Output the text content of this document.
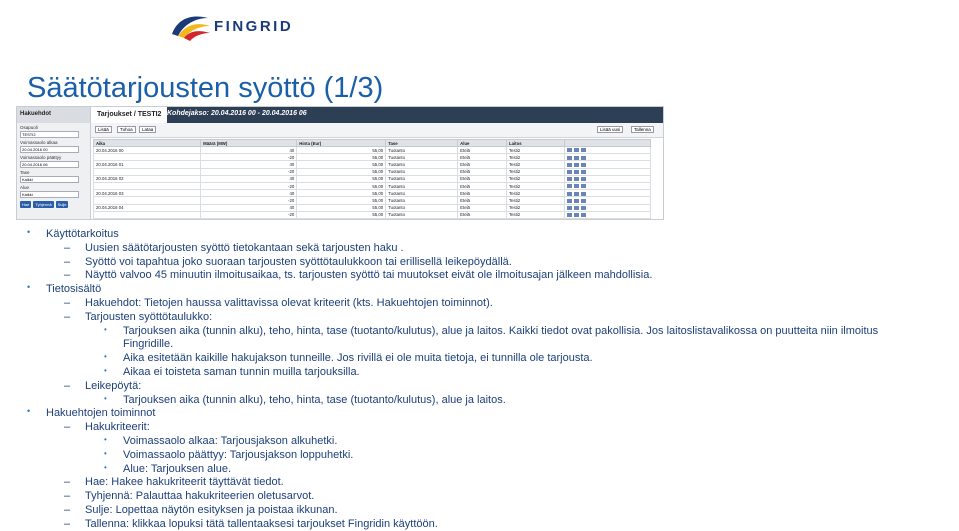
FINGRID
Säätötarjousten syöttö (1/3)
Hakuehdot
Osapuoli
TESTI2
Voimassaolo alkaa
20.04.2016 00
Voimassaolo päättyy
20.04.2016 06
Tase
Kaikki
Alue
Kaikki
Hae	Tyhjennä	Sulje
Tarjoukset / TESTI2 Kohdejakso: 20.04.2016 00 - 20.04.2016 06
Lisää	Tuhoa	Lataa	Lisää uusi	Tallenna
Aika	Määrä (MW)	Hinta (Eur)	Tase	Alue	Laitos	
20.04.2016 00	40	55,00	Tuotanto	Etelä	Testi2	
	-20	55,00	Tuotanto	Etelä	Testi2	
20.04.2016 01	40	55,00	Tuotanto	Etelä	Testi2	
	-20	55,00	Tuotanto	Etelä	Testi2	
20.04.2016 02	40	55,00	Tuotanto	Etelä	Testi2	
	-20	55,00	Tuotanto	Etelä	Testi2	
20.04.2016 03	40	55,00	Tuotanto	Etelä	Testi2	
	-20	55,00	Tuotanto	Etelä	Testi2	
20.04.2016 04	40	55,00	Tuotanto	Etelä	Testi2	
	-20	55,00	Tuotanto	Etelä	Testi2	
• Käyttötarkoitus
– Uusien säätötarjousten syöttö tietokantaan sekä tarjousten haku .
– Syöttö voi tapahtua joko suoraan tarjousten syöttötaulukkoon tai erillisellä leikepöydällä.
– Näyttö valvoo 45 minuutin ilmoitusaikaa, ts. tarjousten syöttö tai muutokset eivät ole ilmoitusajan jälkeen mahdollisia.
• Tietosisältö
– Hakuehdot: Tietojen haussa valittavissa olevat kriteerit (kts. Hakuehtojen toiminnot).
– Tarjousten syöttötaulukko:
• Tarjouksen aika (tunnin alku), teho, hinta, tase (tuotanto/kulutus), alue ja laitos. Kaikki tiedot ovat pakollisia. Jos laitoslistavalikossa on puutteita niin ilmoitus
Fingridille.
• Aika esitetään kaikille hakujakson tunneille. Jos rivillä ei ole muita tietoja, ei tunnilla ole tarjousta.
• Aikaa ei toisteta saman tunnin muilla tarjouksilla.
– Leikepöytä:
• Tarjouksen aika (tunnin alku), teho, hinta, tase (tuotanto/kulutus), alue ja laitos.
• Hakuehtojen toiminnot
– Hakukriteerit:
• Voimassaolo alkaa: Tarjousjakson alkuhetki.
• Voimassaolo päättyy: Tarjousjakson loppuhetki.
• Alue: Tarjouksen alue.
– Hae: Hakee hakukriteerit täyttävät tiedot.
– Tyhjennä: Palauttaa hakukriteerien oletusarvot.
– Sulje: Lopettaa näytön esityksen ja poistaa ikkunan.
– Tallenna: klikkaa lopuksi tätä tallentaaksesi tarjoukset Fingridin käyttöön.
